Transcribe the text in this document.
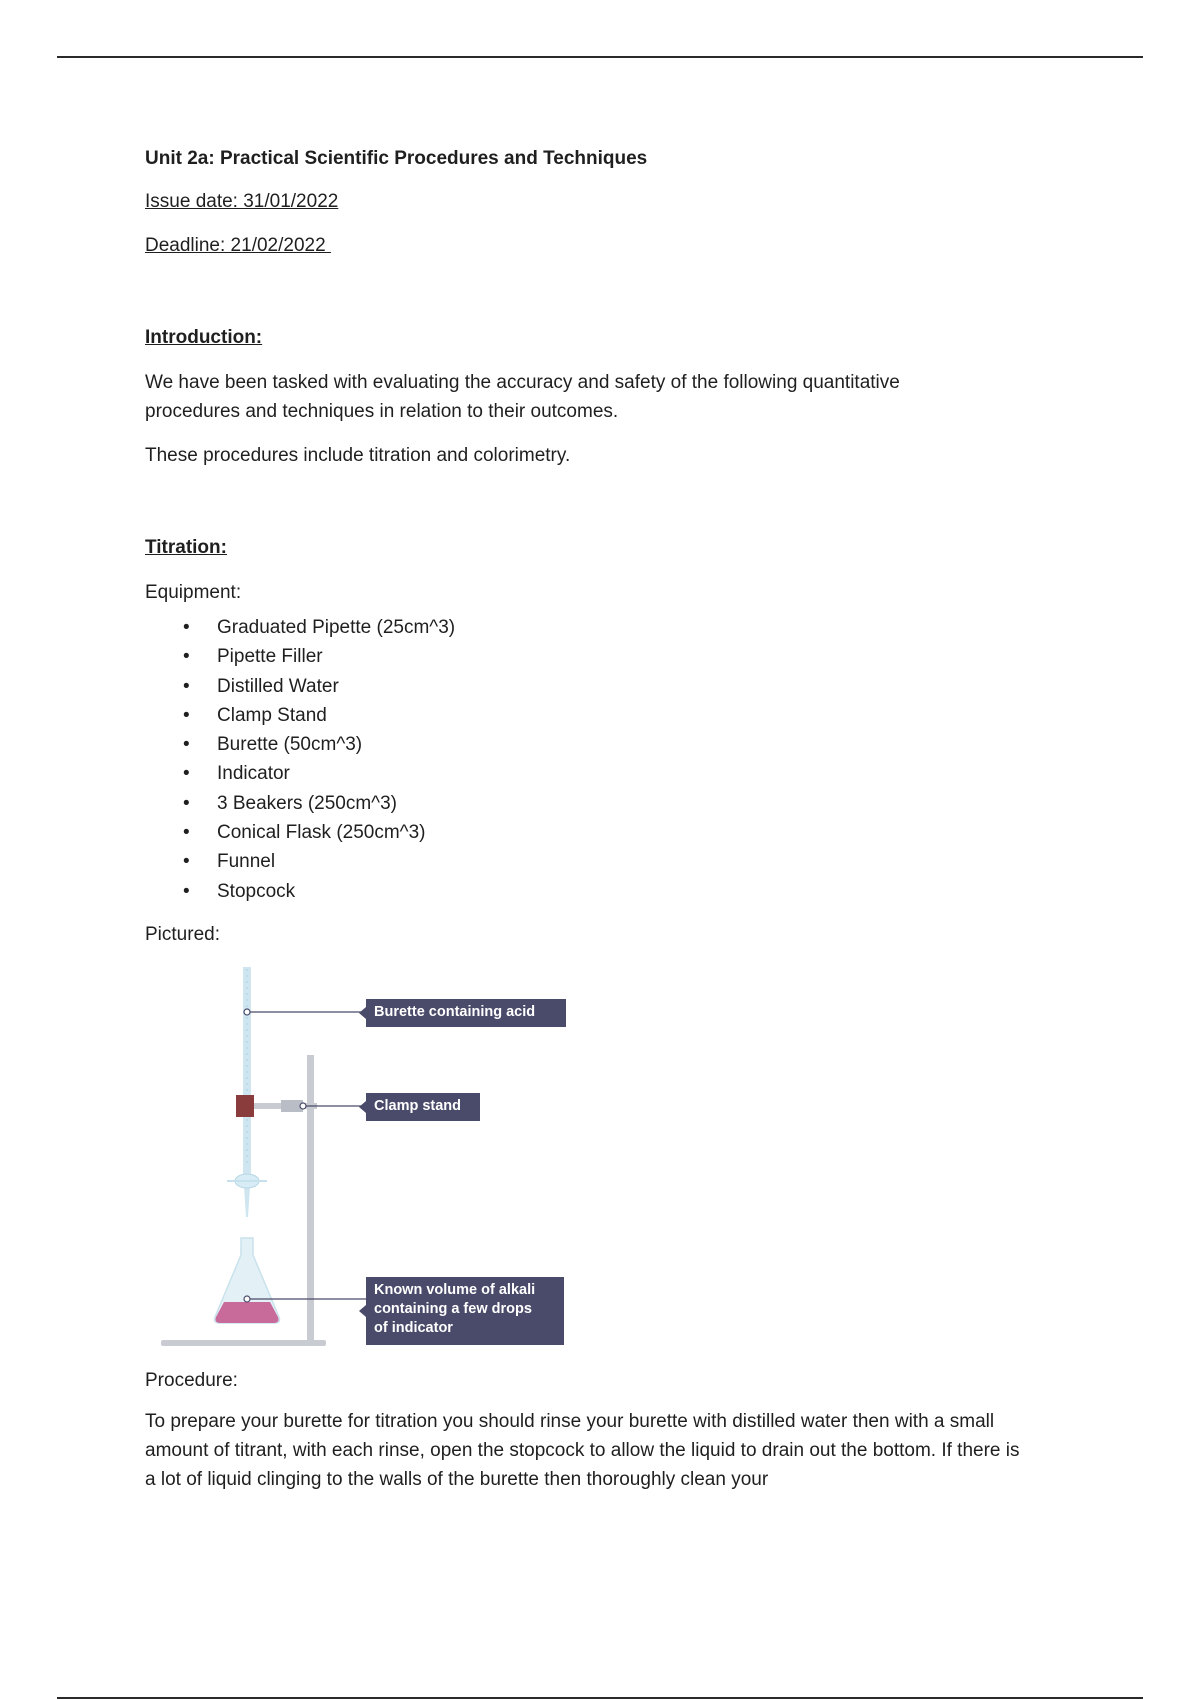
Unit 2a: Practical Scientific Procedures and Techniques
Issue date: 31/01/2022
Deadline: 21/02/2022
Introduction:

We have been tasked with evaluating the accuracy and safety of the following quantitative procedures and techniques in relation to their outcomes.

These procedures include titration and colorimetry.

Titration:
Equipment:
• Graduated Pipette (25cm^3)
• Pipette Filler
• Distilled Water
• Clamp Stand
• Burette (50cm^3)
• Indicator
• 3 Beakers (250cm^3)
• Conical Flask (250cm^3)
• Funnel
• Stopcock
Pictured:
Burette containing acid
Clamp stand
Known volume of alkali
containing a few drops
of indicator

Procedure:

To prepare your burette for titration you should rinse your burette with distilled water then with a small amount of titrant, with each rinse, open the stopcock to allow the liquid to drain out the bottom. If there is a lot of liquid clinging to the walls of the burette then thoroughly clean your
